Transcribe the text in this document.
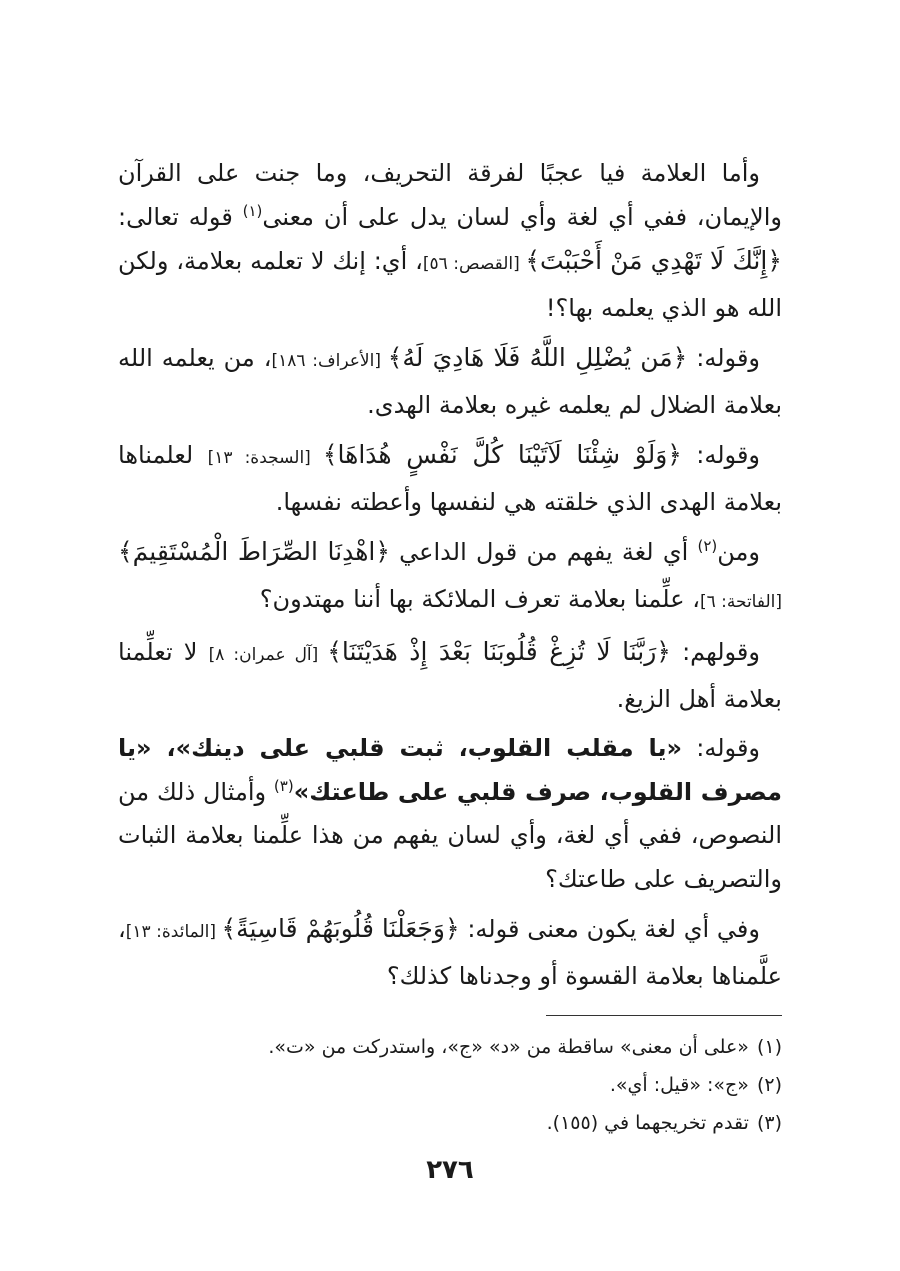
وأما العلامة فيا عجبًا لفرقة التحريف، وما جنت على القرآن والإيمان، ففي أي لغة وأي لسان يدل على أن معنى$^{(١)}$ قوله تعالى: ﴿إِنَّكَ لَا تَهْدِي مَنْ أَحْبَبْتَ﴾ [القصص: ٥٦]، أي: إنك لا تعلمه بعلامة، ولكن الله هو الذي يعلمه بها؟!

وقوله: ﴿مَن يُضْلِلِ اللَّهُ فَلَا هَادِيَ لَهُ﴾ [الأعراف: ١٨٦]، من يعلمه الله بعلامة الضلال لم يعلمه غيره بعلامة الهدى.

وقوله: ﴿وَلَوْ شِئْنَا لَآتَيْنَا كُلَّ نَفْسٍ هُدَاهَا﴾ [السجدة: ١٣] لعلمناها بعلامة الهدى الذي خلقته هي لنفسها وأعطته نفسها.

ومن$^{(٢)}$ أي لغة يفهم من قول الداعي ﴿اهْدِنَا الصِّرَاطَ الْمُسْتَقِيمَ﴾ [الفاتحة: ٦]، علِّمنا بعلامة تعرف الملائكة بها أننا مهتدون؟

وقولهم: ﴿رَبَّنَا لَا تُزِغْ قُلُوبَنَا بَعْدَ إِذْ هَدَيْتَنَا﴾ [آل عمران: ٨] لا تعلِّمنا بعلامة أهل الزيغ.

وقوله: «يا مقلب القلوب، ثبت قلبي على دينك»، «يا مصرف القلوب، صرف قلبي على طاعتك»$^{(٣)}$ وأمثال ذلك من النصوص، ففي أي لغة، وأي لسان يفهم من هذا علِّمنا بعلامة الثبات والتصريف على طاعتك؟

وفي أي لغة يكون معنى قوله: ﴿وَجَعَلْنَا قُلُوبَهُمْ قَاسِيَةً﴾ [المائدة: ١٣]، علَّمناها بعلامة القسوة أو وجدناها كذلك؟

(١)«على أن معنى» ساقطة من «د» «ج»، واستدركت من «ت».
(٢)«ج»: «قيل: أي».
(٣)تقدم تخريجهما في (١٥٥).
٢٧٦
